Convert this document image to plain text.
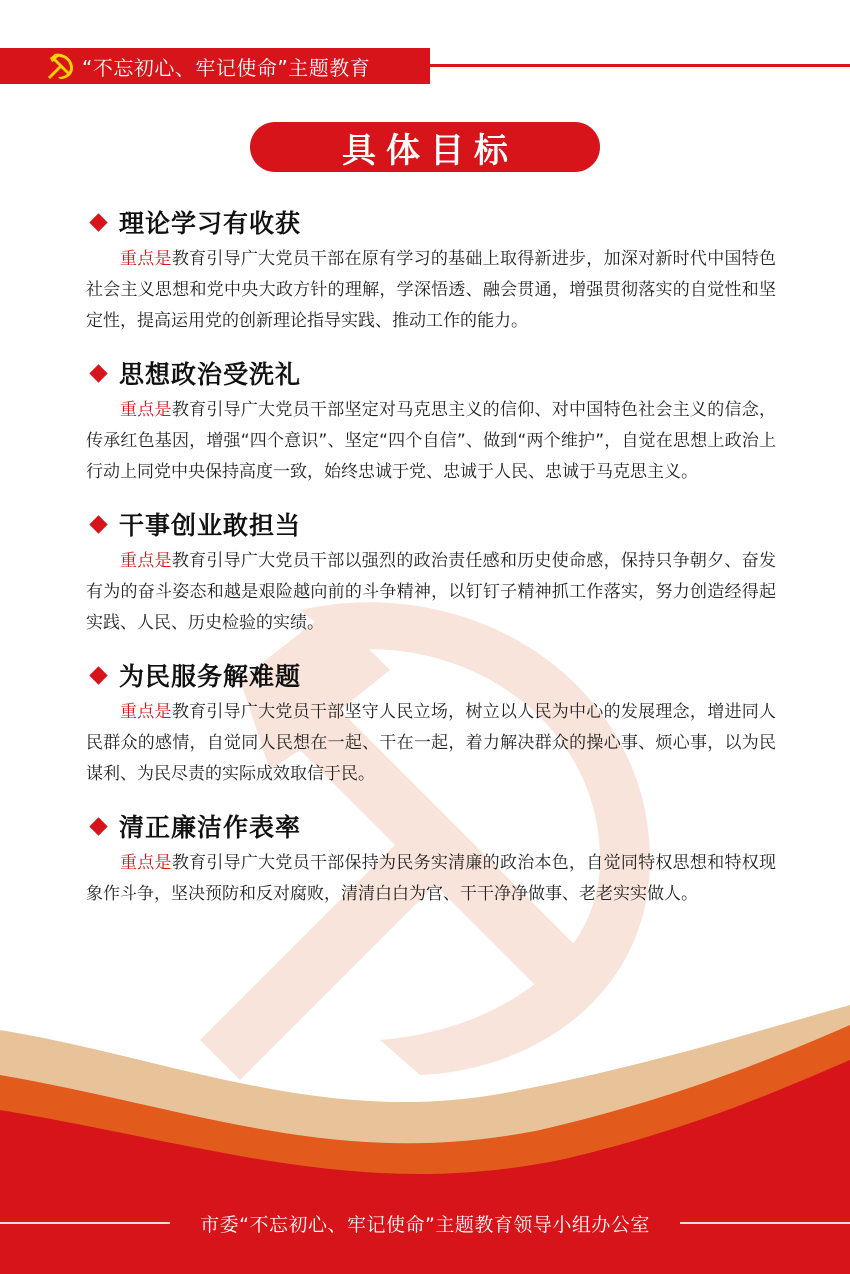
“不忘初心、牢记使命”主题教育
具体目标
理论学习有收获
重点是教育引导广大党员干部在原有学习的基础上取得新进步，加深对新时代中国特色社会主义思想和党中央大政方针的理解，学深悟透、融会贯通，增强贯彻落实的自觉性和坚定性，提高运用党的创新理论指导实践、推动工作的能力。
思想政治受洗礼
重点是教育引导广大党员干部坚定对马克思主义的信仰、对中国特色社会主义的信念，传承红色基因，增强“四个意识”、坚定“四个自信”、做到“两个维护”，自觉在思想上政治上行动上同党中央保持高度一致，始终忠诚于党、忠诚于人民、忠诚于马克思主义。
干事创业敢担当
重点是教育引导广大党员干部以强烈的政治责任感和历史使命感，保持只争朝夕、奋发有为的奋斗姿态和越是艰险越向前的斗争精神，以钉钉子精神抓工作落实，努力创造经得起实践、人民、历史检验的实绩。
为民服务解难题
重点是教育引导广大党员干部坚守人民立场，树立以人民为中心的发展理念，增进同人民群众的感情，自觉同人民想在一起、干在一起，着力解决群众的操心事、烦心事，以为民谋利、为民尽责的实际成效取信于民。
清正廉洁作表率
重点是教育引导广大党员干部保持为民务实清廉的政治本色，自觉同特权思想和特权现象作斗争，坚决预防和反对腐败，清清白白为官、干干净净做事、老老实实做人。
市委“不忘初心、牢记使命”主题教育领导小组办公室
